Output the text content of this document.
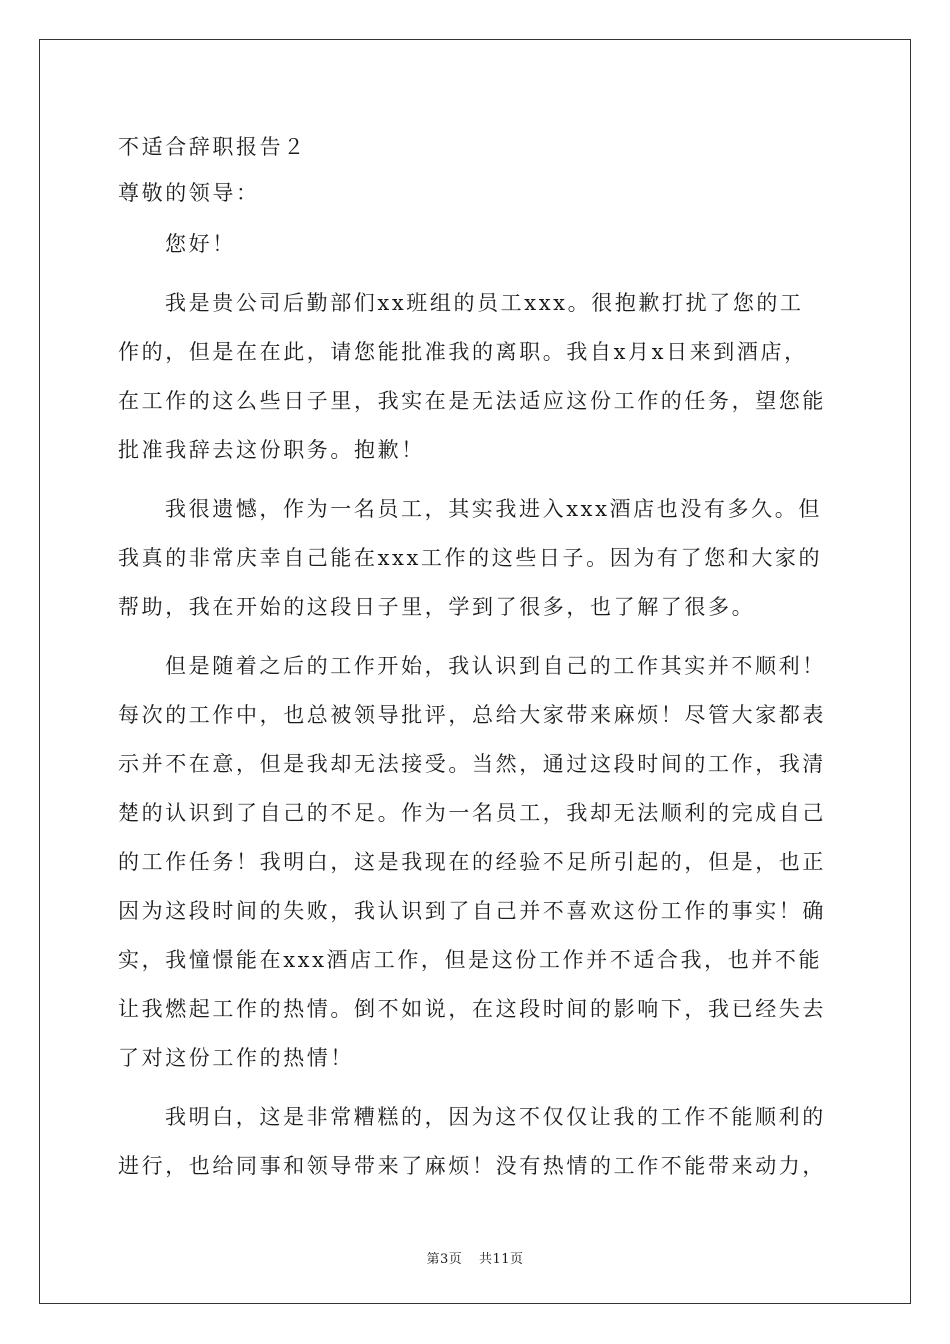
不适合辞职报告２
尊敬的领导：
您好！
我是贵公司后勤部们xx班组的员工xxx。很抱歉打扰了您的工
作的，但是在在此，请您能批准我的离职。我自x月x日来到酒店，
在工作的这么些日子里，我实在是无法适应这份工作的任务，望您能
批准我辞去这份职务。抱歉！
我很遗憾，作为一名员工，其实我进入xxx酒店也没有多久。但
我真的非常庆幸自己能在xxx工作的这些日子。因为有了您和大家的
帮助，我在开始的这段日子里，学到了很多，也了解了很多。
但是随着之后的工作开始，我认识到自己的工作其实并不顺利！
每次的工作中，也总被领导批评，总给大家带来麻烦！尽管大家都表
示并不在意，但是我却无法接受。当然，通过这段时间的工作，我清
楚的认识到了自己的不足。作为一名员工，我却无法顺利的完成自己
的工作任务！我明白，这是我现在的经验不足所引起的，但是，也正
因为这段时间的失败，我认识到了自己并不喜欢这份工作的事实！确
实，我憧憬能在xxx酒店工作，但是这份工作并不适合我，也并不能
让我燃起工作的热情。倒不如说，在这段时间的影响下，我已经失去
了对这份工作的热情！
我明白，这是非常糟糕的，因为这不仅仅让我的工作不能顺利的
进行，也给同事和领导带来了麻烦！没有热情的工作不能带来动力，
第3页 共11页
